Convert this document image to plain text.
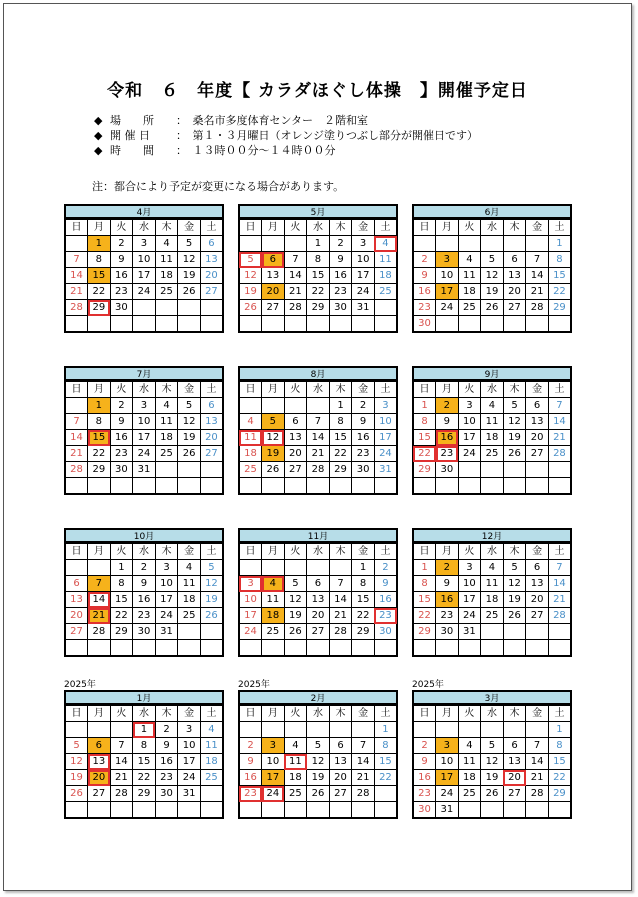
令和　６　年度【 カラダほぐし体操　】開催予定日
◆ 場　　所	：　桑名市多度体育センター　２階和室
◆ 開 催 日	：　第１・３月曜日（オレンジ塗りつぶし部分が開催日です）
◆ 時　　間	：　１３時００分～１４時００分
注：都合により予定が変更になる場合があります。
4月
日	月	火	水	木	金	土
	1	2	3	4	5	6
7	8	9	10	11	12	13
14	15	16	17	18	19	20
21	22	23	24	25	26	27
28	29	30				

5月
日	月	火	水	木	金	土
			1	2	3	4
5	6	7	8	9	10	11
12	13	14	15	16	17	18
19	20	21	22	23	24	25
26	27	28	29	30	31	

6月
日	月	火	水	木	金	土
						1
2	3	4	5	6	7	8
9	10	11	12	13	14	15
16	17	18	19	20	21	22
23	24	25	26	27	28	29
30						
7月
日	月	火	水	木	金	土
	1	2	3	4	5	6
7	8	9	10	11	12	13
14	15	16	17	18	19	20
21	22	23	24	25	26	27
28	29	30	31			

8月
日	月	火	水	木	金	土
				1	2	3
4	5	6	7	8	9	10
11	12	13	14	15	16	17
18	19	20	21	22	23	24
25	26	27	28	29	30	31

9月
日	月	火	水	木	金	土
1	2	3	4	5	6	7
8	9	10	11	12	13	14
15	16	17	18	19	20	21
22	23	24	25	26	27	28
29	30					

10月
日	月	火	水	木	金	土
		1	2	3	4	5
6	7	8	9	10	11	12
13	14	15	16	17	18	19
20	21	22	23	24	25	26
27	28	29	30	31		

11月
日	月	火	水	木	金	土
					1	2
3	4	5	6	7	8	9
10	11	12	13	14	15	16
17	18	19	20	21	22	23
24	25	26	27	28	29	30

12月
日	月	火	水	木	金	土
1	2	3	4	5	6	7
8	9	10	11	12	13	14
15	16	17	18	19	20	21
22	23	24	25	26	27	28
29	30	31				

2025年
1月
日	月	火	水	木	金	土
			1	2	3	4
5	6	7	8	9	10	11
12	13	14	15	16	17	18
19	20	21	22	23	24	25
26	27	28	29	30	31	

2025年
2月
日	月	火	水	木	金	土
						1
2	3	4	5	6	7	8
9	10	11	12	13	14	15
16	17	18	19	20	21	22
23	24	25	26	27	28	

2025年
3月
日	月	火	水	木	金	土
						1
2	3	4	5	6	7	8
9	10	11	12	13	14	15
16	17	18	19	20	21	22
23	24	25	26	27	28	29
30	31					
